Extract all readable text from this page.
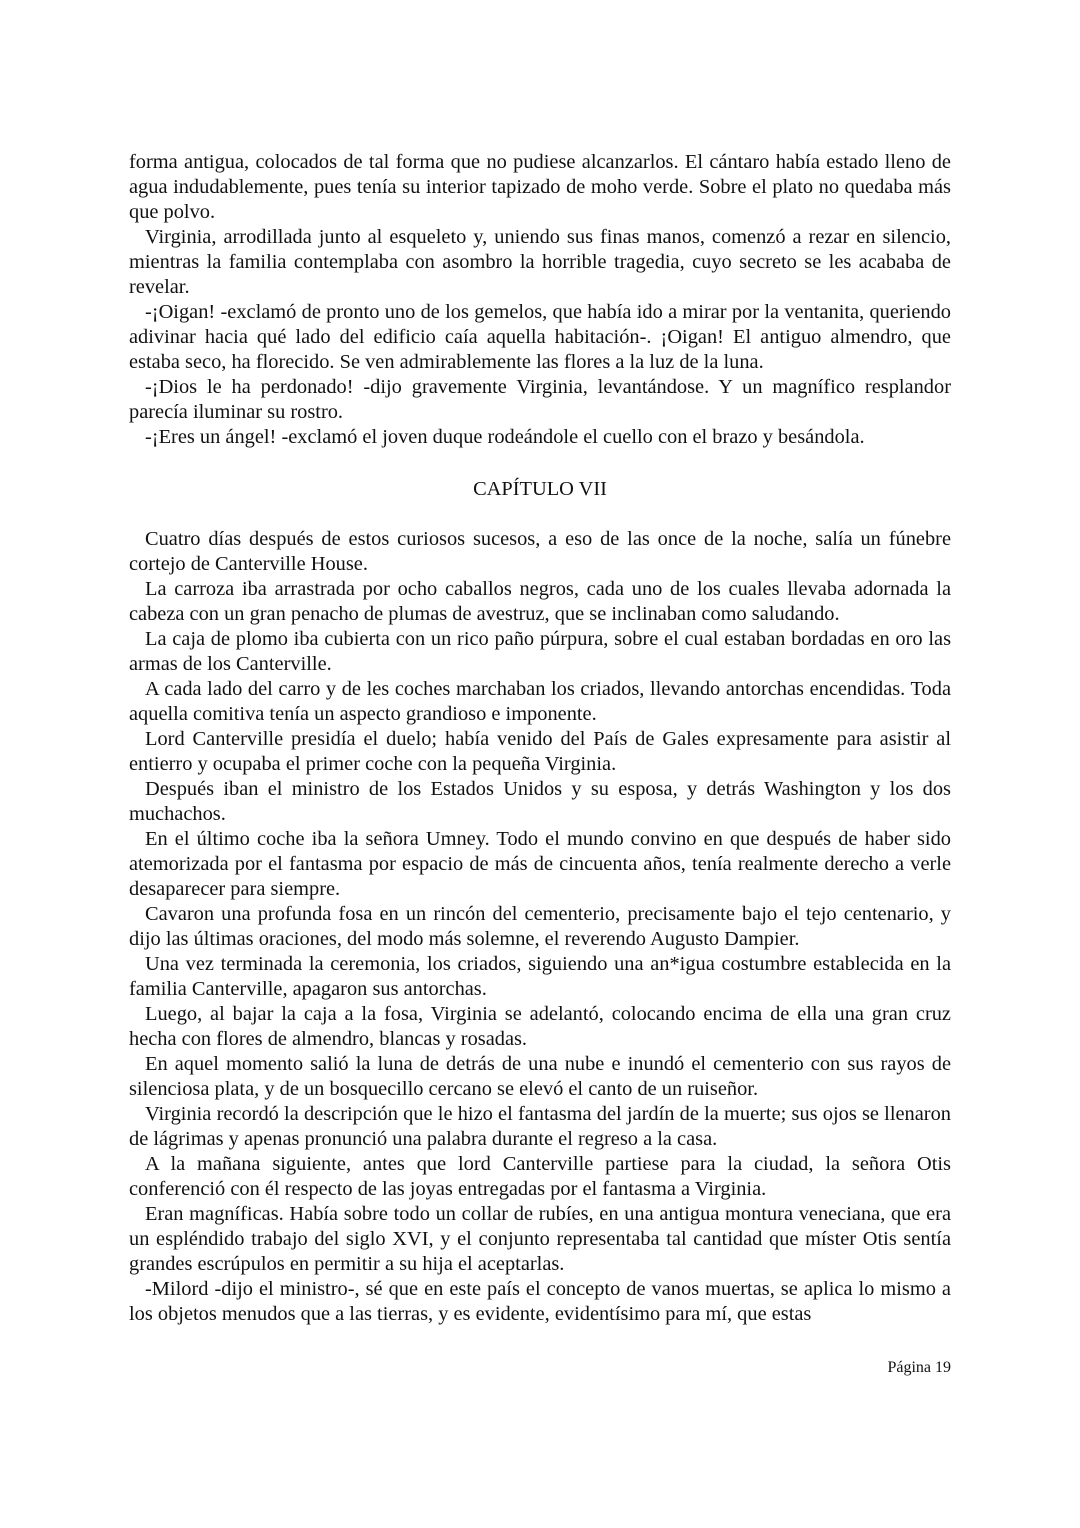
forma antigua, colocados de tal forma que no pudiese alcanzarlos. El cántaro había estado lleno de agua indudablemente, pues tenía su interior tapizado de moho verde. Sobre el plato no quedaba más que polvo.

Virginia, arrodillada junto al esqueleto y, uniendo sus finas manos, comenzó a rezar en silencio, mientras la familia contemplaba con asombro la horrible tragedia, cuyo secreto se les acababa de revelar.

-¡Oigan! -exclamó de pronto uno de los gemelos, que había ido a mirar por la ventanita, queriendo adivinar hacia qué lado del edificio caía aquella habitación-. ¡Oigan! El antiguo almendro, que estaba seco, ha florecido. Se ven admirablemente las flores a la luz de la luna.

-¡Dios le ha perdonado! -dijo gravemente Virginia, levantándose. Y un magnífico resplandor parecía iluminar su rostro.

-¡Eres un ángel! -exclamó el joven duque rodeándole el cuello con el brazo y besándola.

CAPÍTULO VII

Cuatro días después de estos curiosos sucesos, a eso de las once de la noche, salía un fúnebre cortejo de Canterville House.

La carroza iba arrastrada por ocho caballos negros, cada uno de los cuales llevaba adornada la cabeza con un gran penacho de plumas de avestruz, que se inclinaban como saludando.

La caja de plomo iba cubierta con un rico paño púrpura, sobre el cual estaban bordadas en oro las armas de los Canterville.

A cada lado del carro y de les coches marchaban los criados, llevando antorchas encendidas. Toda aquella comitiva tenía un aspecto grandioso e imponente.

Lord Canterville presidía el duelo; había venido del País de Gales expresamente para asistir al entierro y ocupaba el primer coche con la pequeña Virginia.

Después iban el ministro de los Estados Unidos y su esposa, y detrás Washington y los dos muchachos.

En el último coche iba la señora Umney. Todo el mundo convino en que después de haber sido atemorizada por el fantasma por espacio de más de cincuenta años, tenía realmente derecho a verle desaparecer para siempre.

Cavaron una profunda fosa en un rincón del cementerio, precisamente bajo el tejo centenario, y dijo las últimas oraciones, del modo más solemne, el reverendo Augusto Dampier.

Una vez terminada la ceremonia, los criados, siguiendo una an*igua costumbre establecida en la familia Canterville, apagaron sus antorchas.

Luego, al bajar la caja a la fosa, Virginia se adelantó, colocando encima de ella una gran cruz hecha con flores de almendro, blancas y rosadas.

En aquel momento salió la luna de detrás de una nube e inundó el cementerio con sus rayos de silenciosa plata, y de un bosquecillo cercano se elevó el canto de un ruiseñor.

Virginia recordó la descripción que le hizo el fantasma del jardín de la muerte; sus ojos se llenaron de lágrimas y apenas pronunció una palabra durante el regreso a la casa.

A la mañana siguiente, antes que lord Canterville partiese para la ciudad, la señora Otis conferenció con él respecto de las joyas entregadas por el fantasma a Virginia.

Eran magníficas. Había sobre todo un collar de rubíes, en una antigua montura veneciana, que era un espléndido trabajo del siglo XVI, y el conjunto representaba tal cantidad que míster Otis sentía grandes escrúpulos en permitir a su hija el aceptarlas.

-Milord -dijo el ministro-, sé que en este país el concepto de vanos muertas, se aplica lo mismo a los objetos menudos que a las tierras, y es evidente, evidentísimo para mí, que estas

Página 19
